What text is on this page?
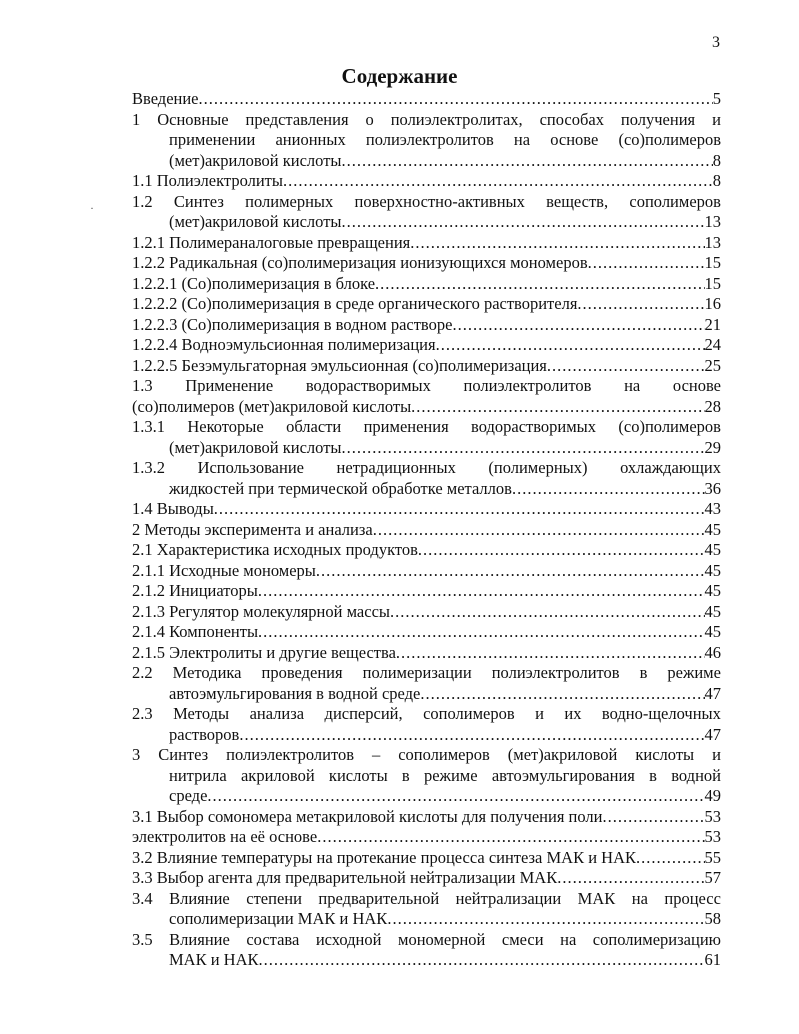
3
Содержание
·
Введение .....	5
1 Основные представления о полиэлектролитах, способах получения и
применении анионных полиэлектролитов на основе (со)полимеров
(мет)акриловой кислоты .....	8
1.1 Полиэлектролиты .....	8
1.2 Синтез полимерных поверхностно-активных веществ, сополимеров
(мет)акриловой кислоты .....	13
1.2.1 Полимераналоговые превращения .....	13
1.2.2 Радикальная (со)полимеризация ионизующихся мономеров .....	15
1.2.2.1 (Со)полимеризация в блоке .....	15
1.2.2.2 (Со)полимеризация в среде органического растворителя .....	16
1.2.2.3 (Со)полимеризация в водном растворе .....	21
1.2.2.4 Водноэмульсионная полимеризация .....	24
1.2.2.5 Безэмульгаторная эмульсионная (со)полимеризация .....	25
1.3 Применение водорастворимых полиэлектролитов на основе
(со)полимеров (мет)акриловой кислоты .....	28
1.3.1 Некоторые области применения водорастворимых (со)полимеров
(мет)акриловой кислоты .....	29
1.3.2 Использование нетрадиционных (полимерных) охлаждающих
жидкостей при термической обработке металлов .....	36
1.4 Выводы .....	43
2 Методы эксперимента и анализа .....	45
2.1 Характеристика исходных продуктов .....	45
2.1.1 Исходные мономеры .....	45
2.1.2 Инициаторы .....	45
2.1.3 Регулятор молекулярной массы .....	45
2.1.4 Компоненты .....	45
2.1.5 Электролиты и другие вещества .....	46
2.2 Методика проведения полимеризации полиэлектролитов в режиме
автоэмульгирования в водной среде .....	47
2.3 Методы анализа дисперсий, сополимеров и их водно-щелочных
растворов .....	47
3 Синтез полиэлектролитов – сополимеров (мет)акриловой кислоты и
нитрила акриловой кислоты в режиме автоэмульгирования в водной
среде .....	49
3.1 Выбор сомономера метакриловой кислоты для получения поли .....	53
электролитов на её основе .....	53
3.2 Влияние температуры на протекание процесса синтеза МАК и НАК .....	55
3.3 Выбор агента для предварительной нейтрализации МАК .....	57
3.4 Влияние степени предварительной нейтрализации МАК на процесс
сополимеризации МАК и НАК .....	58
3.5 Влияние состава исходной мономерной смеси на сополимеризацию
МАК и НАК .....	61
